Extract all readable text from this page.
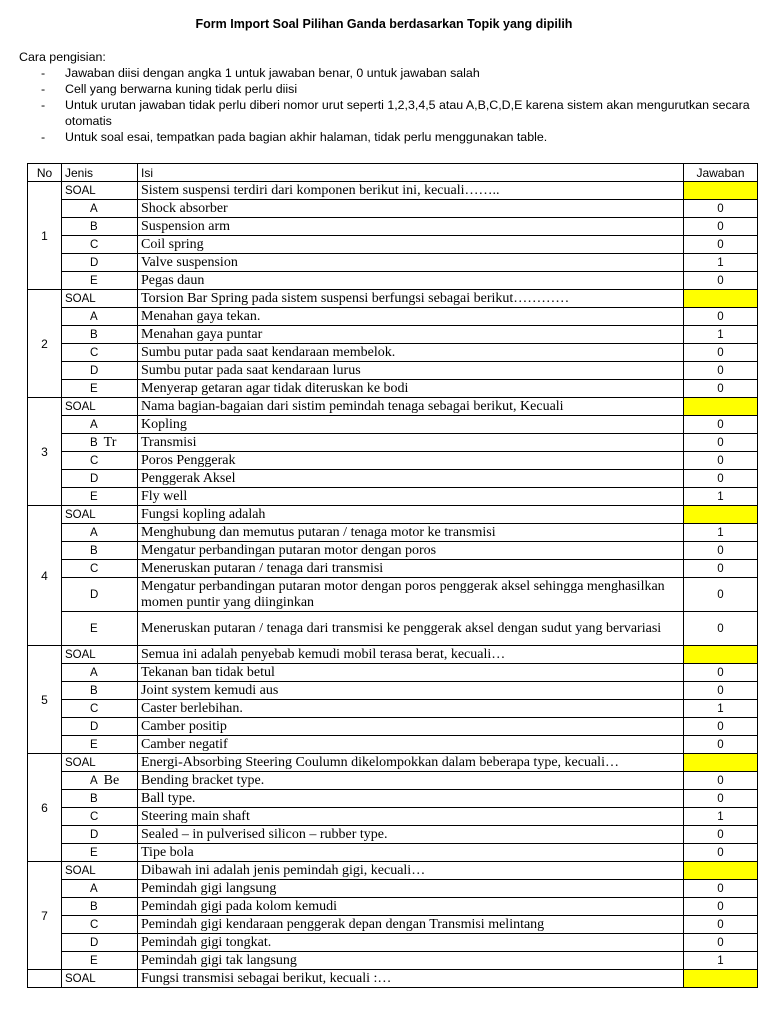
Form Import Soal Pilihan Ganda berdasarkan Topik yang dipilih
Cara pengisian:
- Jawaban diisi dengan angka 1 untuk jawaban benar, 0 untuk jawaban salah
- Cell yang berwarna kuning tidak perlu diisi
- Untuk urutan jawaban tidak perlu diberi nomor urut seperti 1,2,3,4,5 atau A,B,C,D,E karena sistem akan mengurutkan secara otomatis
- Untuk soal esai, tempatkan pada bagian akhir halaman, tidak perlu menggunakan table.
No	Jenis	Isi	Jawaban
1	SOAL	Sistem suspensi terdiri dari komponen berikut ini, kecuali……..	
	A	Shock absorber	0
	B	Suspension arm	0
	C	Coil spring	0
	D	Valve suspension	1
	E	Pegas daun	0
2	SOAL	Torsion Bar Spring pada sistem suspensi berfungsi sebagai berikut…………	
	A	Menahan gaya tekan.	0
	B	Menahan gaya puntar	1
	C	Sumbu putar pada saat kendaraan membelok.	0
	D	Sumbu putar pada saat kendaraan lurus	0
	E	Menyerap getaran agar tidak diteruskan ke bodi	0
3	SOAL	Nama bagian-bagaian dari sistim pemindah tenaga sebagai berikut, Kecuali	
	A	Kopling	0
	B Tr	Transmisi	0
	C	Poros Penggerak	0
	D	Penggerak Aksel	0
	E	Fly well	1
4	SOAL	Fungsi kopling adalah	
	A	Menghubung dan memutus putaran / tenaga motor ke transmisi	1
	B	Mengatur perbandingan putaran motor dengan poros	0
	C	Meneruskan putaran / tenaga dari transmisi	0
	D	Mengatur perbandingan putaran motor dengan poros penggerak aksel sehingga menghasilkan momen puntir yang diinginkan	0
	E	Meneruskan putaran / tenaga dari transmisi ke penggerak aksel dengan sudut yang bervariasi	0
5	SOAL	Semua ini adalah penyebab kemudi mobil terasa berat, kecuali…	
	A	Tekanan ban tidak betul	0
	B	Joint system kemudi aus	0
	C	Caster berlebihan.	1
	D	Camber positip	0
	E	Camber negatif	0
6	SOAL	Energi-Absorbing Steering Coulumn dikelompokkan dalam beberapa type, kecuali…	
	A Be	Bending bracket type.	0
	B	Ball type.	0
	C	Steering main shaft	1
	D	Sealed – in pulverised silicon – rubber type.	0
	E	Tipe bola	0
7	SOAL	Dibawah ini adalah jenis pemindah gigi, kecuali…	
	A	Pemindah gigi langsung	0
	B	Pemindah gigi pada kolom kemudi	0
	C	Pemindah gigi kendaraan penggerak depan dengan Transmisi melintang	0
	D	Pemindah gigi tongkat.	0
	E	Pemindah gigi tak langsung	1
	SOAL	Fungsi transmisi sebagai berikut, kecuali :…	
